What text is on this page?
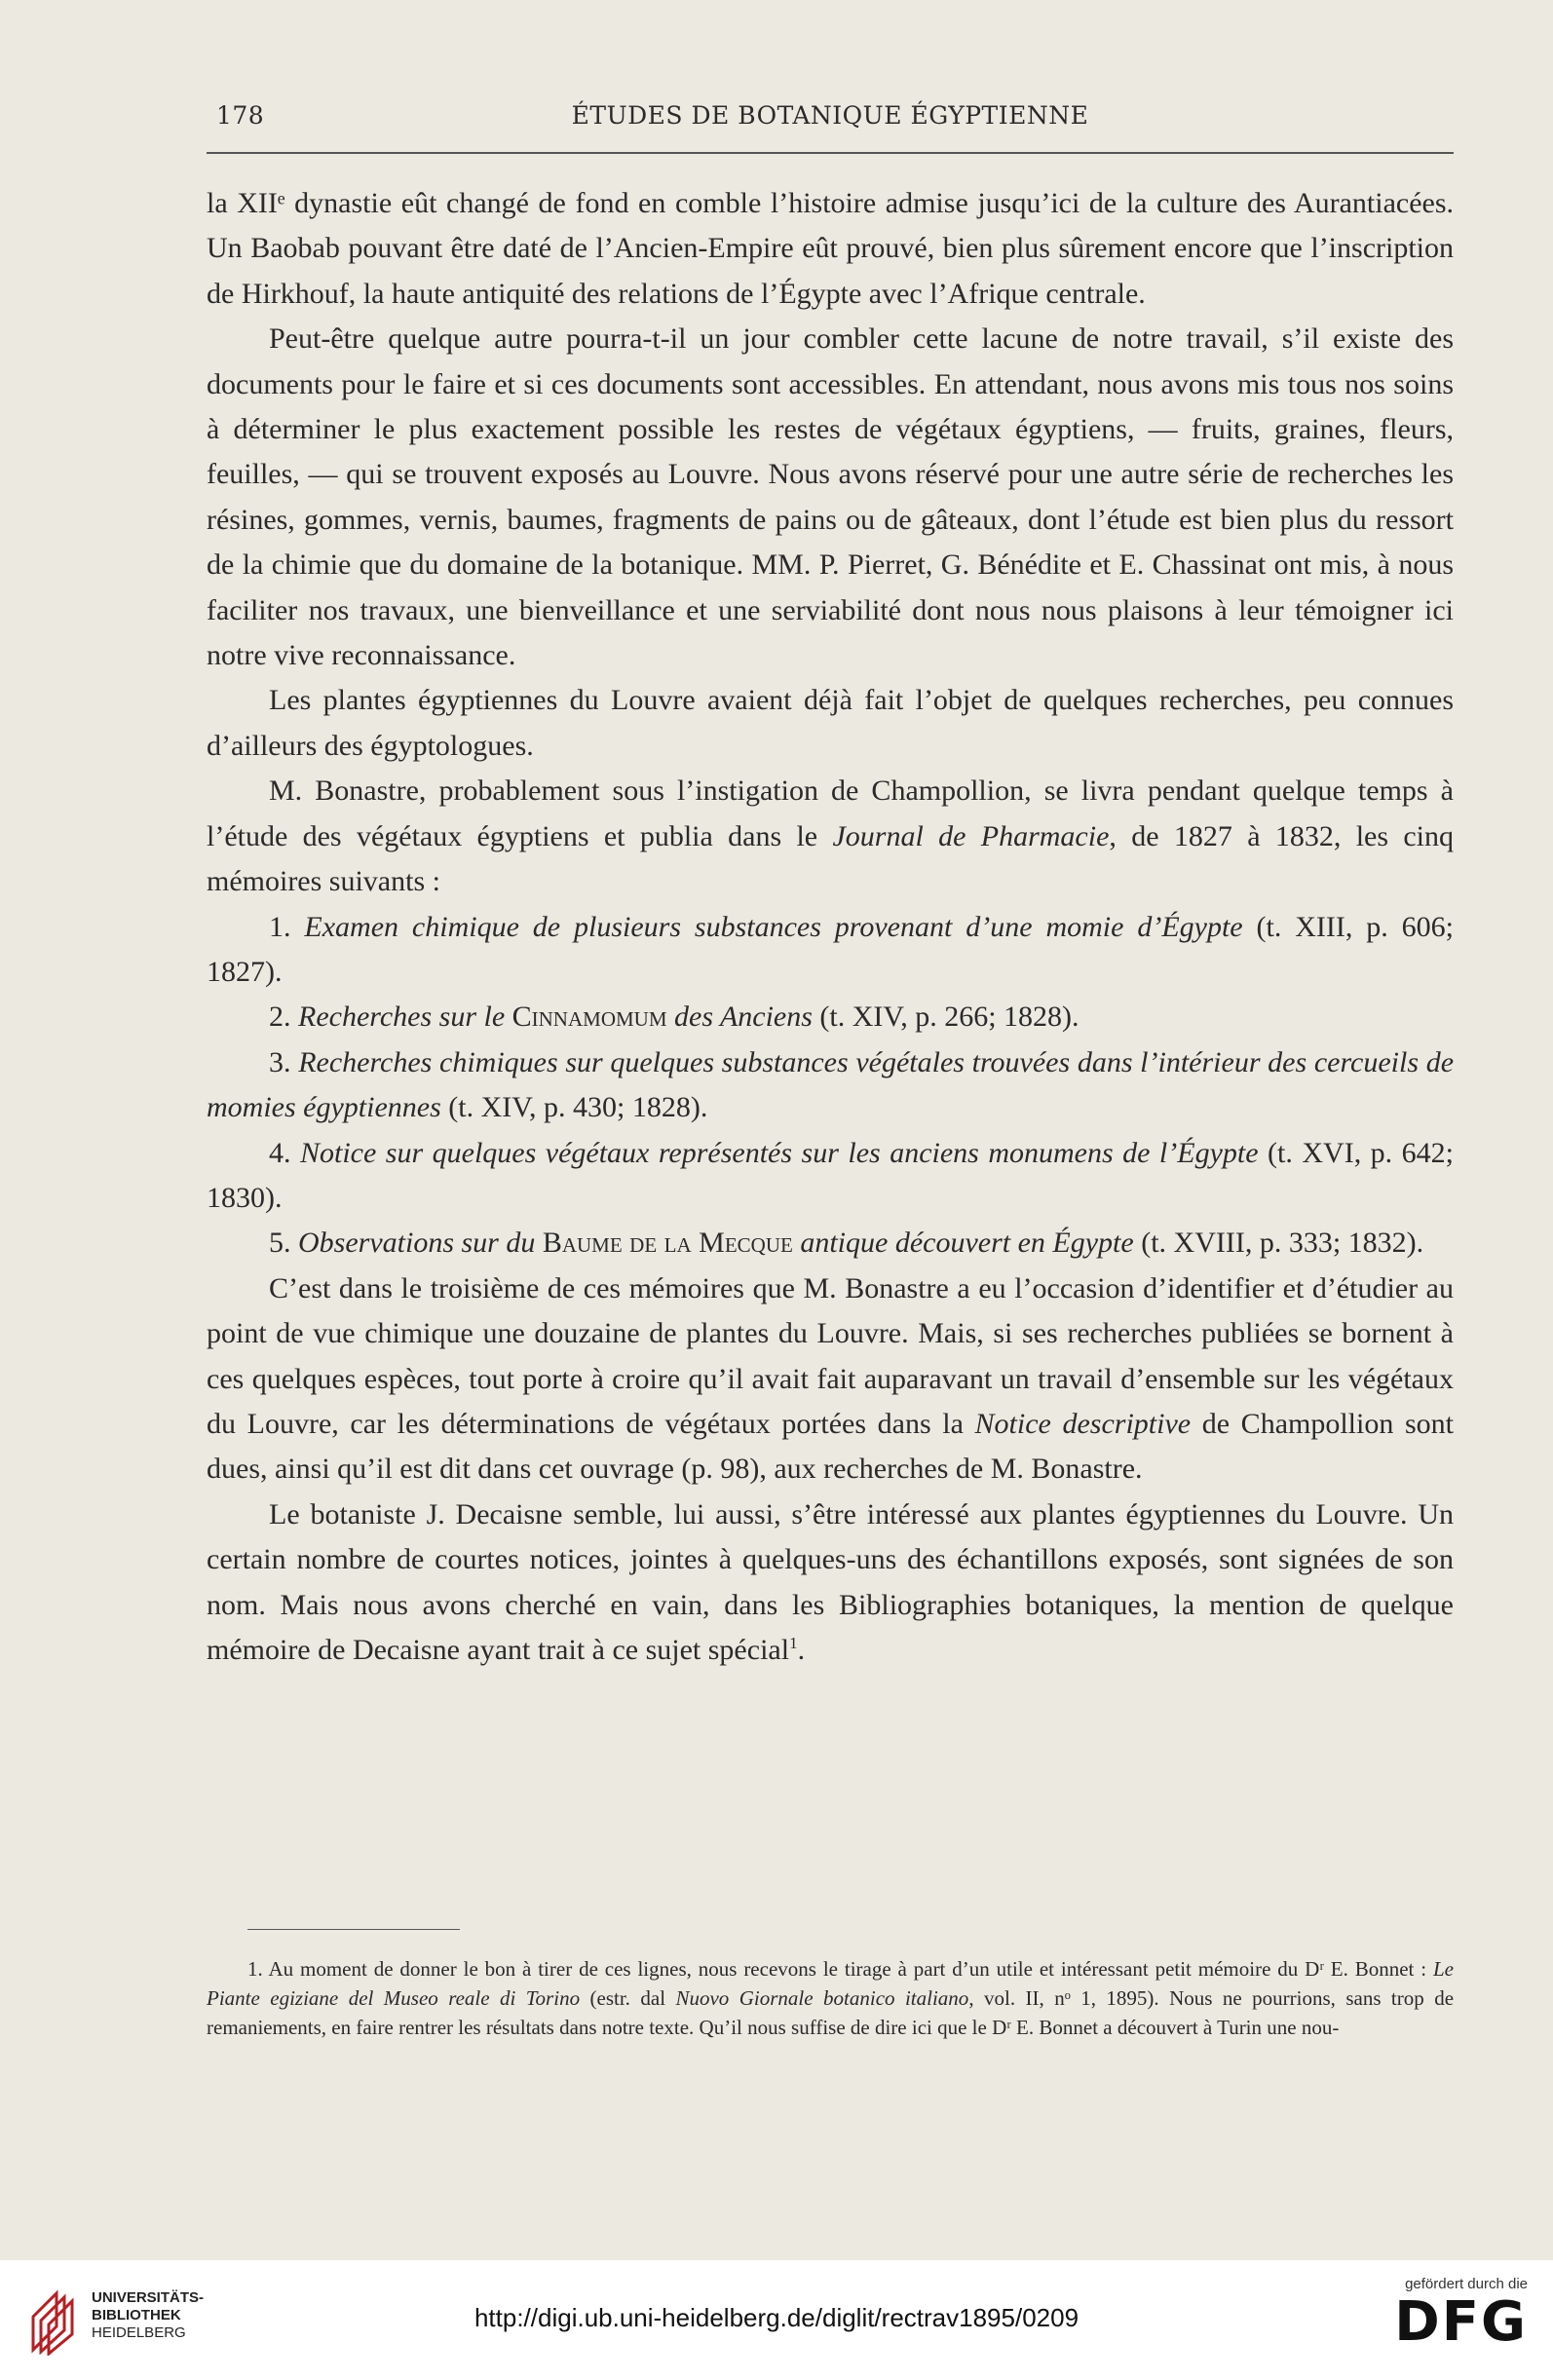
178	ÉTUDES DE BOTANIQUE ÉGYPTIENNE

la XIIᵉ dynastie eût changé de fond en comble l’histoire admise jusqu’ici de la culture des Aurantiacées. Un Baobab pouvant être daté de l’Ancien-Empire eût prouvé, bien plus sûrement encore que l’inscription de Hirkhouf, la haute antiquité des relations de l’Égypte avec l’Afrique centrale.

Peut-être quelque autre pourra-t-il un jour combler cette lacune de notre travail, s’il existe des documents pour le faire et si ces documents sont accessibles. En attendant, nous avons mis tous nos soins à déterminer le plus exactement possible les restes de végétaux égyptiens, — fruits, graines, fleurs, feuilles, — qui se trouvent exposés au Louvre. Nous avons réservé pour une autre série de recherches les résines, gommes, vernis, baumes, fragments de pains ou de gâteaux, dont l’étude est bien plus du ressort de la chimie que du domaine de la botanique. MM. P. Pierret, G. Bénédite et E. Chassinat ont mis, à nous faciliter nos travaux, une bienveillance et une serviabilité dont nous nous plaisons à leur témoigner ici notre vive reconnaissance.

Les plantes égyptiennes du Louvre avaient déjà fait l’objet de quelques recherches, peu connues d’ailleurs des égyptologues.

M. Bonastre, probablement sous l’instigation de Champollion, se livra pendant quelque temps à l’étude des végétaux égyptiens et publia dans le Journal de Pharmacie, de 1827 à 1832, les cinq mémoires suivants :

1. Examen chimique de plusieurs substances provenant d’une momie d’Égypte (t. XIII, p. 606; 1827).

2. Recherches sur le Cinnamomum des Anciens (t. XIV, p. 266; 1828).

3. Recherches chimiques sur quelques substances végétales trouvées dans l’intérieur des cercueils de momies égyptiennes (t. XIV, p. 430; 1828).

4. Notice sur quelques végétaux représentés sur les anciens monumens de l’Égypte (t. XVI, p. 642; 1830).

5. Observations sur du Baume de la Mecque antique découvert en Égypte (t. XVIII, p. 333; 1832).

C’est dans le troisième de ces mémoires que M. Bonastre a eu l’occasion d’identifier et d’étudier au point de vue chimique une douzaine de plantes du Louvre. Mais, si ses recherches publiées se bornent à ces quelques espèces, tout porte à croire qu’il avait fait auparavant un travail d’ensemble sur les végétaux du Louvre, car les déterminations de végétaux portées dans la Notice descriptive de Champollion sont dues, ainsi qu’il est dit dans cet ouvrage (p. 98), aux recherches de M. Bonastre.

Le botaniste J. Decaisne semble, lui aussi, s’être intéressé aux plantes égyptiennes du Louvre. Un certain nombre de courtes notices, jointes à quelques-uns des échantillons exposés, sont signées de son nom. Mais nous avons cherché en vain, dans les Bibliographies botaniques, la mention de quelque mémoire de Decaisne ayant trait à ce sujet spécial$^1$.

1. Au moment de donner le bon à tirer de ces lignes, nous recevons le tirage à part d’un utile et intéressant petit mémoire du Dʳ E. Bonnet : Le Piante egiziane del Museo reale di Torino (estr. dal Nuovo Giornale botanico italiano, vol. II, nᵒ 1, 1895). Nous ne pourrions, sans trop de remaniements, en faire rentrer les résultats dans notre texte. Qu’il nous suffise de dire ici que le Dʳ E. Bonnet a découvert à Turin une nou-

UNIVERSITÄTS-
BIBLIOTHEK
HEIDELBERG
http://digi.ub.uni-heidelberg.de/diglit/rectrav1895/0209
gefördert durch die
DFG
